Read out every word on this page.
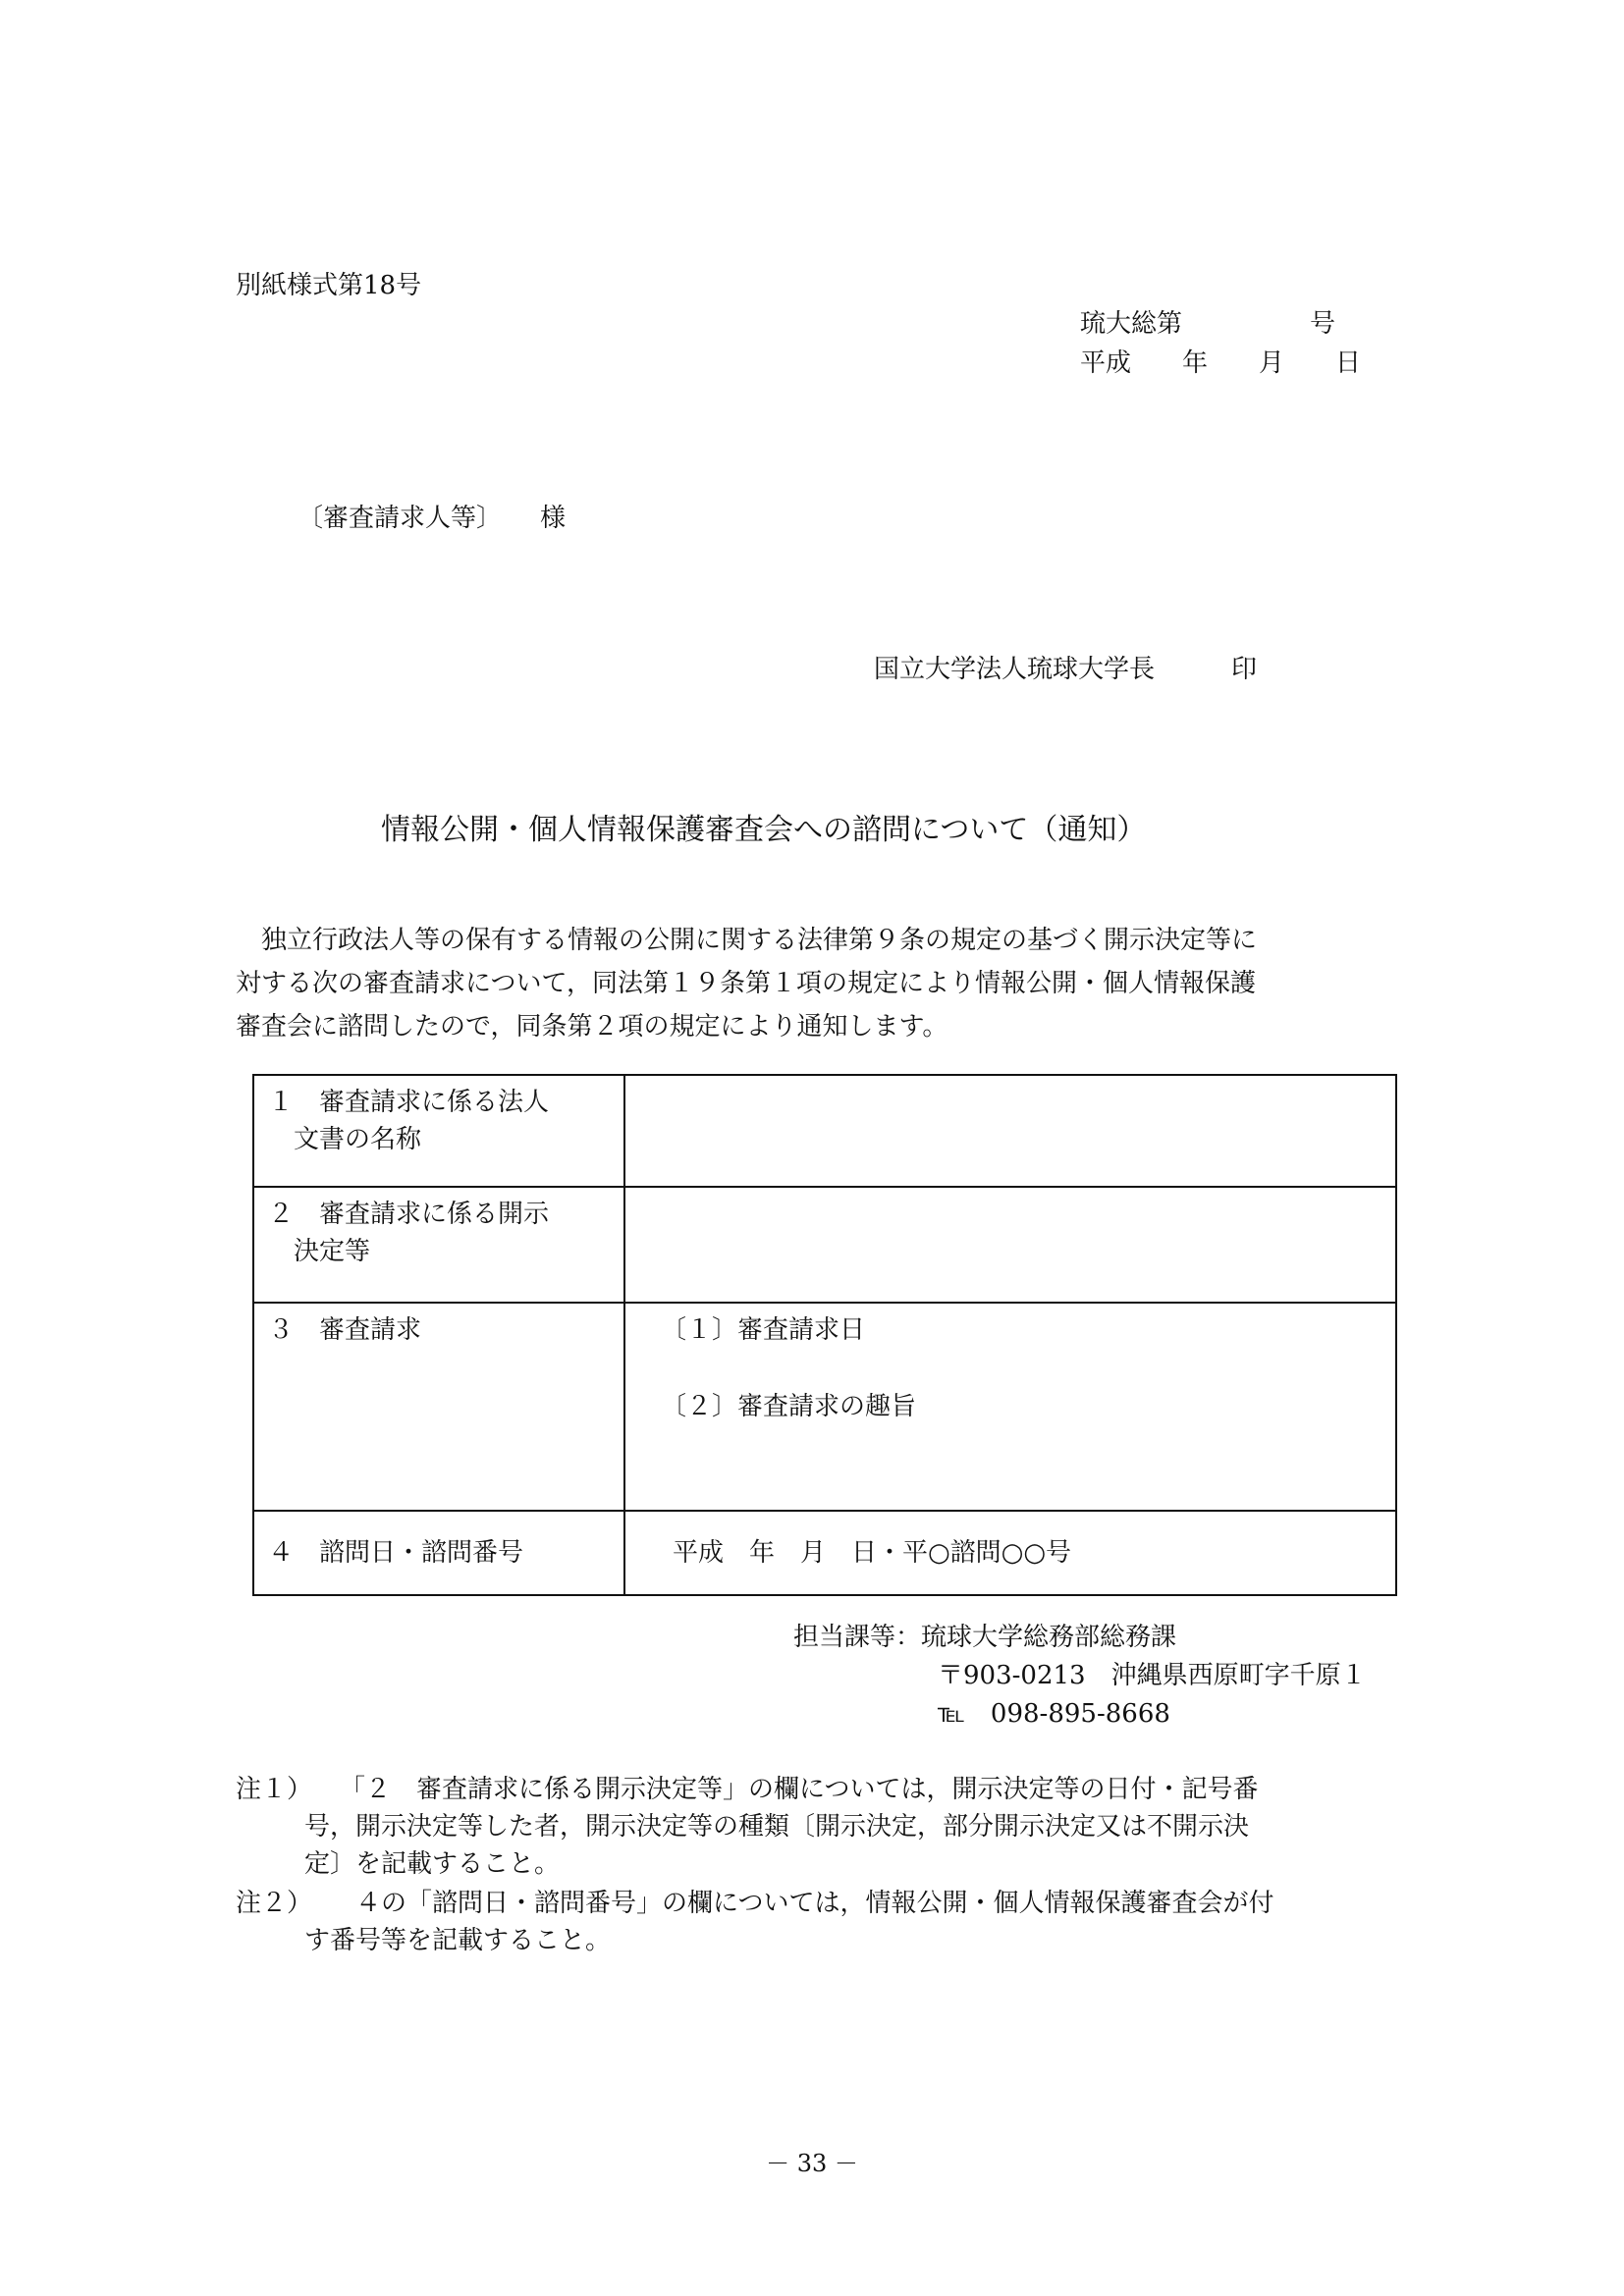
別紙様式第18号
琉大総第　　　　　号
平成　　年　　月　　日
〔審査請求人等〕　　様
国立大学法人琉球大学長　　　印
情報公開・個人情報保護審査会への諮問について（通知）

　独立行政法人等の保有する情報の公開に関する法律第９条の規定の基づく開示決定等に

対する次の審査請求について，同法第１９条第１項の規定により情報公開・個人情報保護

審査会に諮問したので，同条第２項の規定により通知します。

１　審査請求に係る法人
　文書の名称	

２　審査請求に係る開示
　決定等	

３　審査請求	〔１〕審査請求日
〔２〕審査請求の趣旨

４　諮問日・諮問番号	平成　年　月　日・平○諮問○○号
担当課等：琉球大学総務部総務課
〒903-0213　沖縄県西原町字千原１
℡　098-895-8668
注１）	「２　審査請求に係る開示決定等」の欄については，開示決定等の日付・記号番
号，開示決定等した者，開示決定等の種類〔開示決定，部分開示決定又は不開示決
定〕を記載すること。
注２）	４の「諮問日・諮問番号」の欄については，情報公開・個人情報保護審査会が付
す番号等を記載すること。
－ 33 －
